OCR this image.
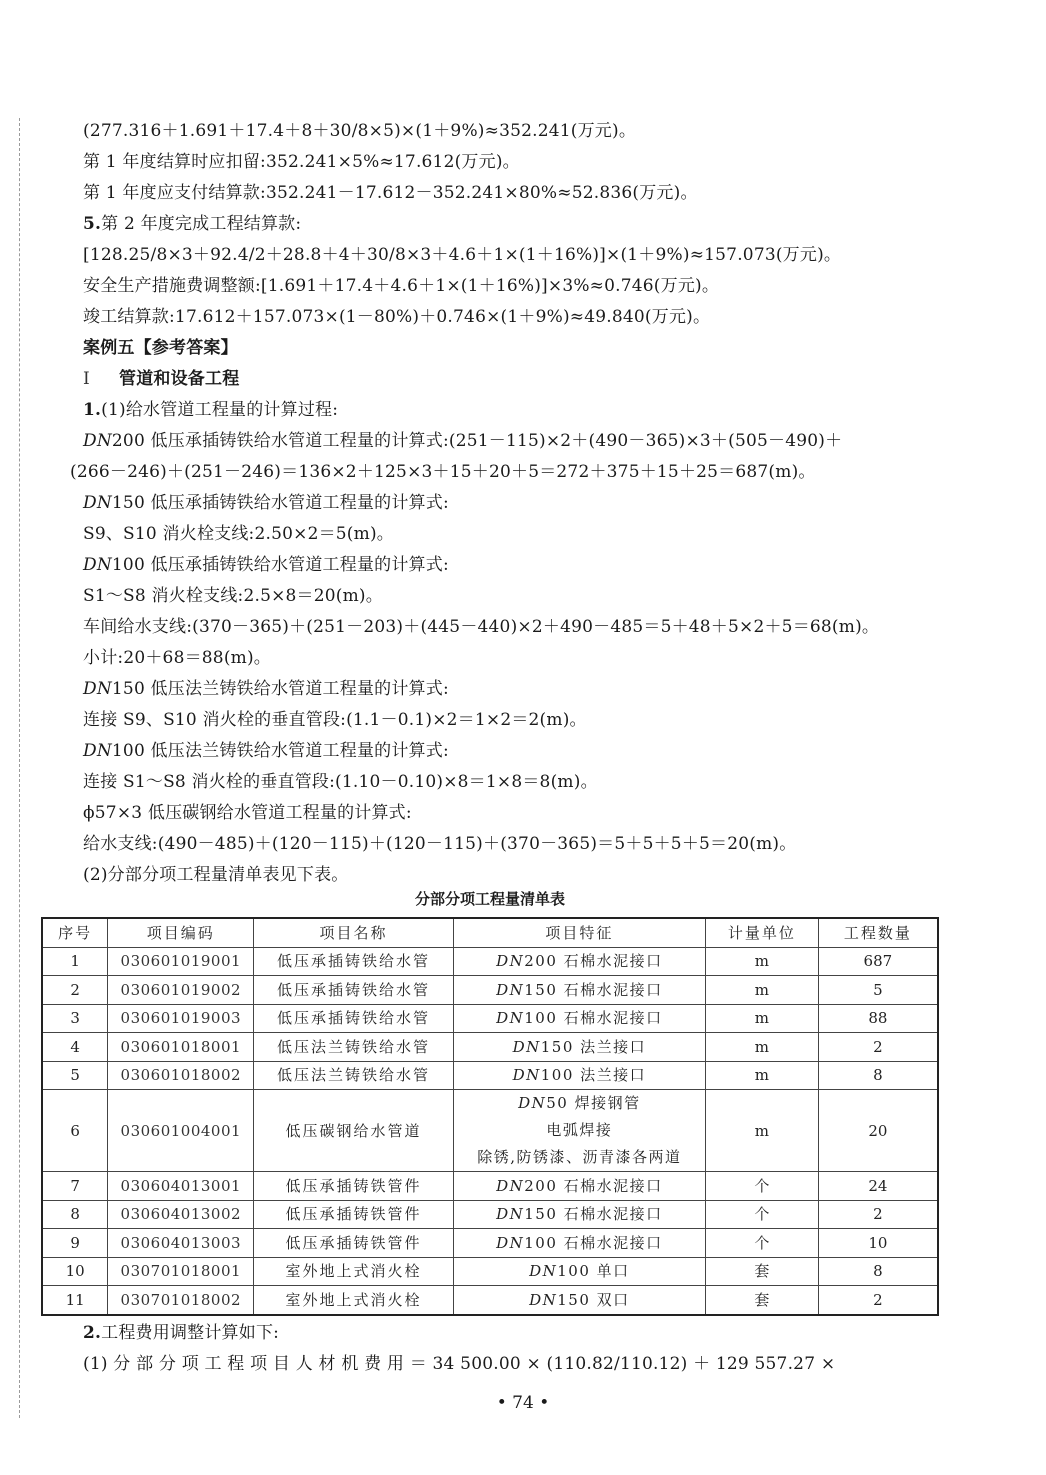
(277.316＋1.691＋17.4＋8＋30/8×5)×(1＋9%)≈352.241(万元)。
第 1 年度结算时应扣留:352.241×5%≈17.612(万元)。
第 1 年度应支付结算款:352.241－17.612－352.241×80%≈52.836(万元)。
5.第 2 年度完成工程结算款:
[128.25/8×3＋92.4/2＋28.8＋4＋30/8×3＋4.6＋1×(1＋16%)]×(1＋9%)≈157.073(万元)。
安全生产措施费调整额:[1.691＋17.4＋4.6＋1×(1＋16%)]×3%≈0.746(万元)。
竣工结算款:17.612＋157.073×(1－80%)＋0.746×(1＋9%)≈49.840(万元)。
案例五【参考答案】
Ⅰ 管道和设备工程
1.(1)给水管道工程量的计算过程:
DN200 低压承插铸铁给水管道工程量的计算式:(251－115)×2＋(490－365)×3＋(505－490)＋
(266－246)＋(251－246)＝136×2＋125×3＋15＋20＋5＝272＋375＋15＋25＝687(m)。
DN150 低压承插铸铁给水管道工程量的计算式:
S9、S10 消火栓支线:2.50×2＝5(m)。
DN100 低压承插铸铁给水管道工程量的计算式:
S1～S8 消火栓支线:2.5×8＝20(m)。
车间给水支线:(370－365)＋(251－203)＋(445－440)×2＋490－485＝5＋48＋5×2＋5＝68(m)。
小计:20＋68＝88(m)。
DN150 低压法兰铸铁给水管道工程量的计算式:
连接 S9、S10 消火栓的垂直管段:(1.1－0.1)×2＝1×2＝2(m)。
DN100 低压法兰铸铁给水管道工程量的计算式:
连接 S1～S8 消火栓的垂直管段:(1.10－0.10)×8＝1×8＝8(m)。
ϕ57×3 低压碳钢给水管道工程量的计算式:
给水支线:(490－485)＋(120－115)＋(120－115)＋(370－365)＝5＋5＋5＋5＝20(m)。
(2)分部分项工程量清单表见下表。
分部分项工程量清单表
序号	项目编码	项目名称	项目特征	计量单位	工程数量
1	030601019001	低压承插铸铁给水管	DN200 石棉水泥接口	m	687
2	030601019002	低压承插铸铁给水管	DN150 石棉水泥接口	m	5
3	030601019003	低压承插铸铁给水管	DN100 石棉水泥接口	m	88
4	030601018001	低压法兰铸铁给水管	DN150 法兰接口	m	2
5	030601018002	低压法兰铸铁给水管	DN100 法兰接口	m	8
6	030601004001	低压碳钢给水管道	DN50 焊接钢管
电弧焊接
除锈,防锈漆、沥青漆各两道	m	20
7	030604013001	低压承插铸铁管件	DN200 石棉水泥接口	个	24
8	030604013002	低压承插铸铁管件	DN150 石棉水泥接口	个	2
9	030604013003	低压承插铸铁管件	DN100 石棉水泥接口	个	10
10	030701018001	室外地上式消火栓	DN100 单口	套	8
11	030701018002	室外地上式消火栓	DN150 双口	套	2
2.工程费用调整计算如下:
(1) 分 部 分 项 工 程 项 目 人 材 机 费 用 ＝ 34 500.00 × (110.82/110.12) ＋ 129 557.27 ×
• 74 •
